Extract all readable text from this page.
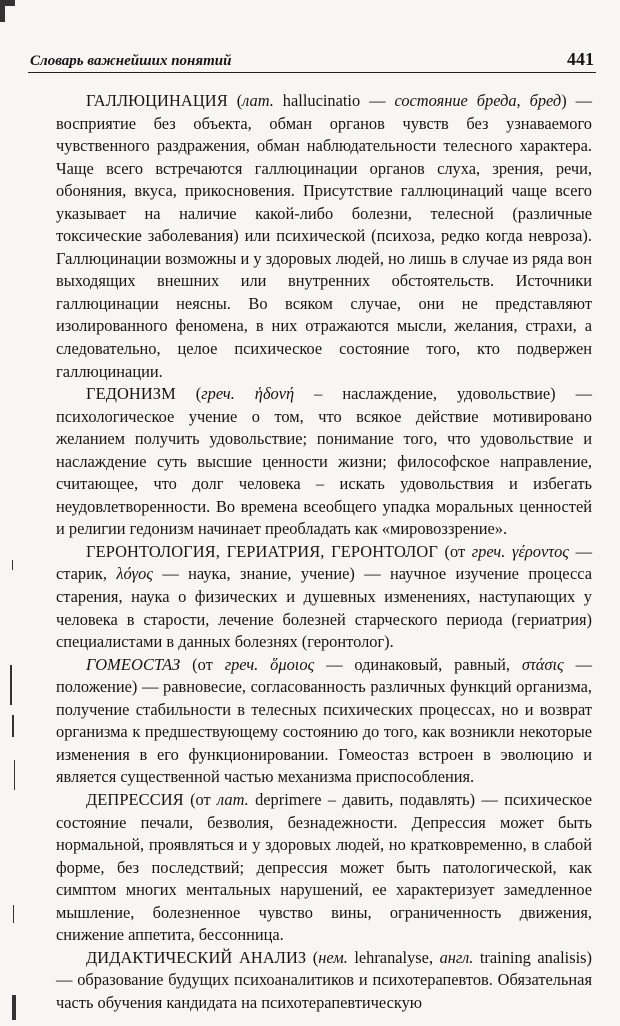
Словарь важнейших понятий	441

ГАЛЛЮЦИНАЦИЯ (лат. hallucinatio — состояние бреда, бред) — восприятие без объекта, обман органов чувств без узнаваемого чувственного раздражения, обман наблюдательности телесного характера. Чаще всего встречаются галлюцинации органов слуха, зрения, речи, обоняния, вкуса, прикосновения. Присутствие галлюцинаций чаще всего указывает на наличие какой-либо болезни, телесной (различные токсические заболевания) или психической (психоза, редко когда невроза). Галлюцинации возможны и у здоровых людей, но лишь в случае из ряда вон выходящих внешних или внутренних обстоятельств. Источники галлюцинации неясны. Во всяком случае, они не представляют изолированного феномена, в них отражаются мысли, желания, страхи, а следовательно, целое психическое состояние того, кто подвержен галлюцинации.

ГЕДОНИЗМ (греч. ἡδονή – наслаждение, удовольствие) — психологическое учение о том, что всякое действие мотивировано желанием получить удовольствие; понимание того, что удовольствие и наслаждение суть высшие ценности жизни; философское направление, считающее, что долг человека – искать удовольствия и избегать неудовлетворенности. Во времена всеобщего упадка моральных ценностей и религии гедонизм начинает преобладать как «мировоззрение».

ГЕРОНТОЛОГИЯ, ГЕРИАТРИЯ, ГЕРОНТОЛОГ (от греч. γέροντος — старик, λόγος — наука, знание, учение) — научное изучение процесса старения, наука о физических и душевных изменениях, наступающих у человека в старости, лечение болезней старческого периода (гериатрия) специалистами в данных болезнях (геронтолог).

ГОМЕОСТАЗ (от греч. ὅμοιος — одинаковый, равный, στάσις — положение) — равновесие, согласованность различных функций организма, получение стабильности в телесных психических процессах, но и возврат организма к предшествующему состоянию до того, как возникли некоторые изменения в его функционировании. Гомеостаз встроен в эволюцию и является существенной частью механизма приспособления.

ДЕПРЕССИЯ (от лат. deprimere – давить, подавлять) — психическое состояние печали, безволия, безнадежности. Депрессия может быть нормальной, проявляться и у здоровых людей, но кратковременно, в слабой форме, без последствий; депрессия может быть патологической, как симптом многих ментальных нарушений, ее характеризует замедленное мышление, болезненное чувство вины, ограниченность движения, снижение аппетита, бессонница.

ДИДАКТИЧЕСКИЙ АНАЛИЗ (нем. lehranalyse, англ. training analisis) — образование будущих психоаналитиков и психотерапевтов. Обязательная часть обучения кандидата на психотерапевтическую
